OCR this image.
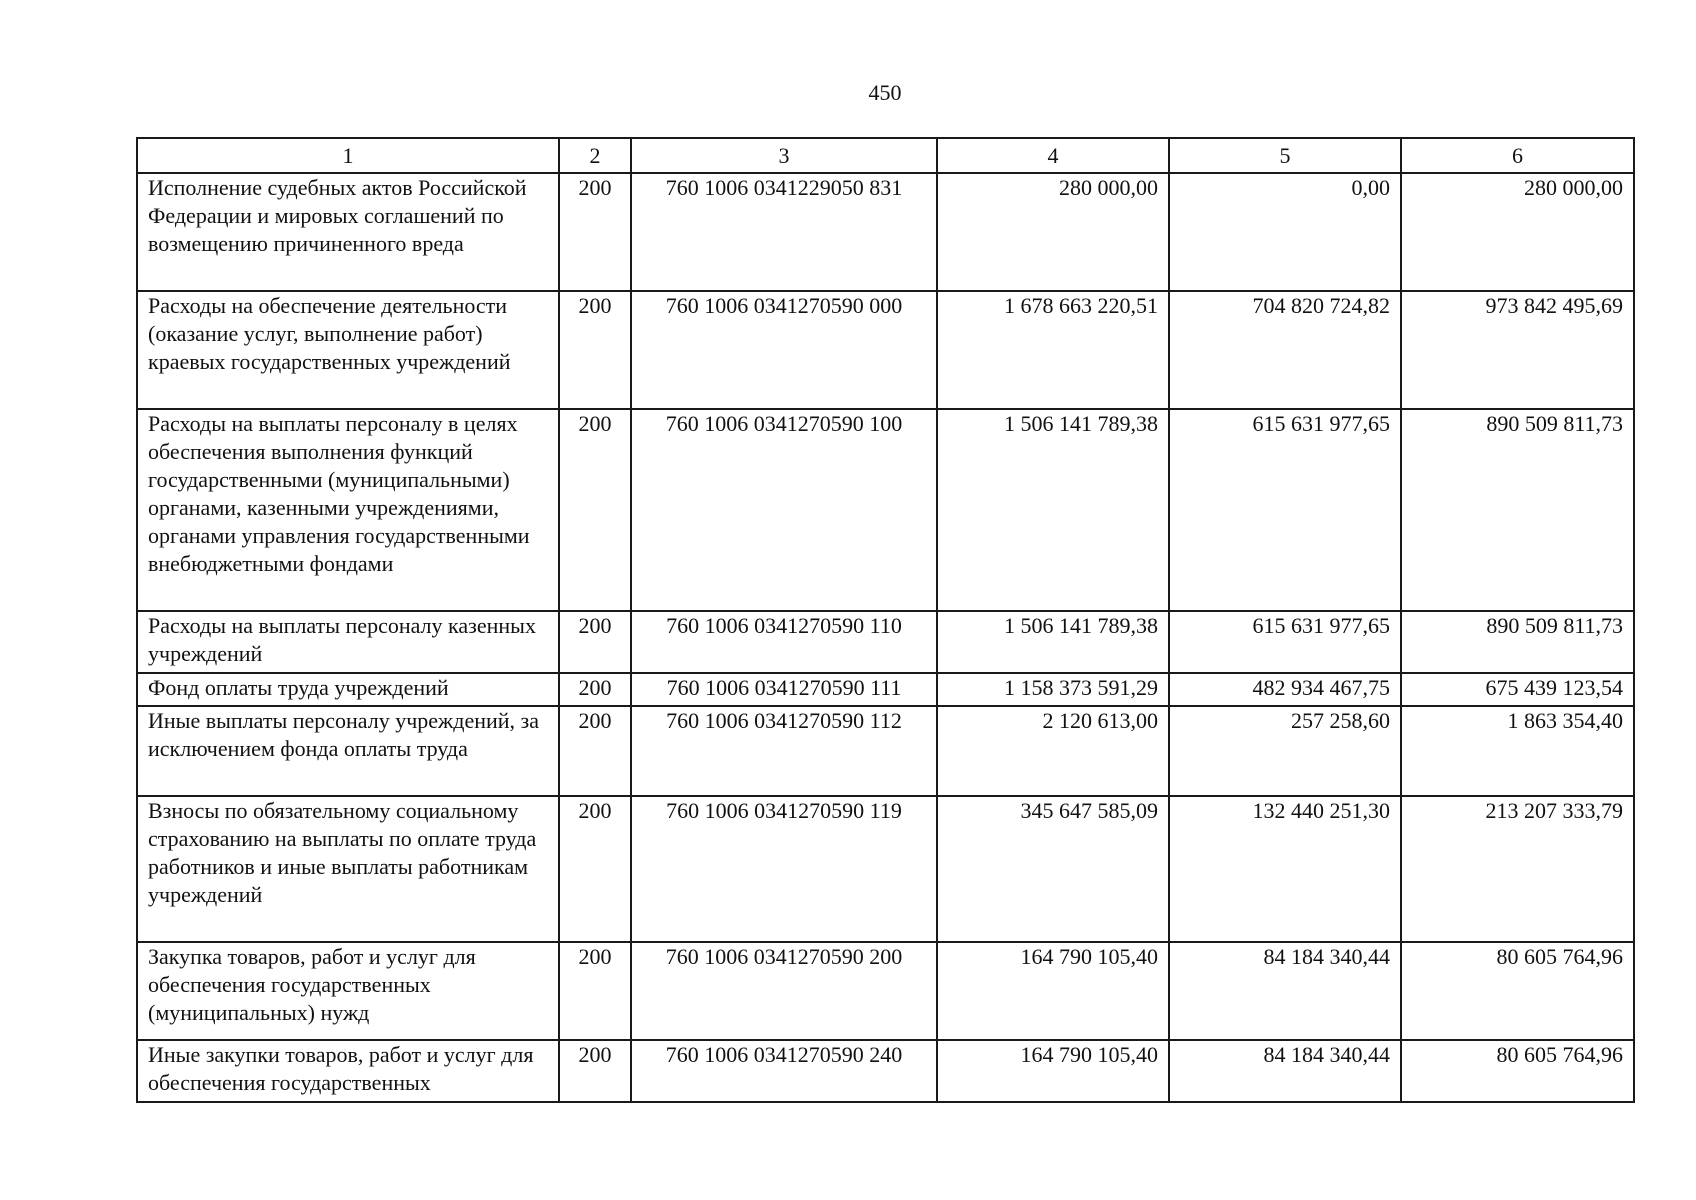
450
1	2	3	4	5	6
Исполнение судебных актов Российской Федерации и мировых соглашений по возмещению причиненного вреда	200	760 1006 0341229050 831	280 000,00	0,00	280 000,00
Расходы на обеспечение деятельности (оказание услуг, выполнение работ) краевых государственных учреждений	200	760 1006 0341270590 000	1 678 663 220,51	704 820 724,82	973 842 495,69
Расходы на выплаты персоналу в целях обеспечения выполнения функций государственными (муниципальными) органами, казенными учреждениями, органами управления государственными внебюджетными фондами	200	760 1006 0341270590 100	1 506 141 789,38	615 631 977,65	890 509 811,73
Расходы на выплаты персоналу казенных учреждений	200	760 1006 0341270590 110	1 506 141 789,38	615 631 977,65	890 509 811,73
Фонд оплаты труда учреждений	200	760 1006 0341270590 111	1 158 373 591,29	482 934 467,75	675 439 123,54
Иные выплаты персоналу учреждений, за исключением фонда оплаты труда	200	760 1006 0341270590 112	2 120 613,00	257 258,60	1 863 354,40
Взносы по обязательному социальному страхованию на выплаты по оплате труда работников и иные выплаты работникам учреждений	200	760 1006 0341270590 119	345 647 585,09	132 440 251,30	213 207 333,79
Закупка товаров, работ и услуг для обеспечения государственных (муниципальных) нужд	200	760 1006 0341270590 200	164 790 105,40	84 184 340,44	80 605 764,96
Иные закупки товаров, работ и услуг для обеспечения государственных	200	760 1006 0341270590 240	164 790 105,40	84 184 340,44	80 605 764,96
